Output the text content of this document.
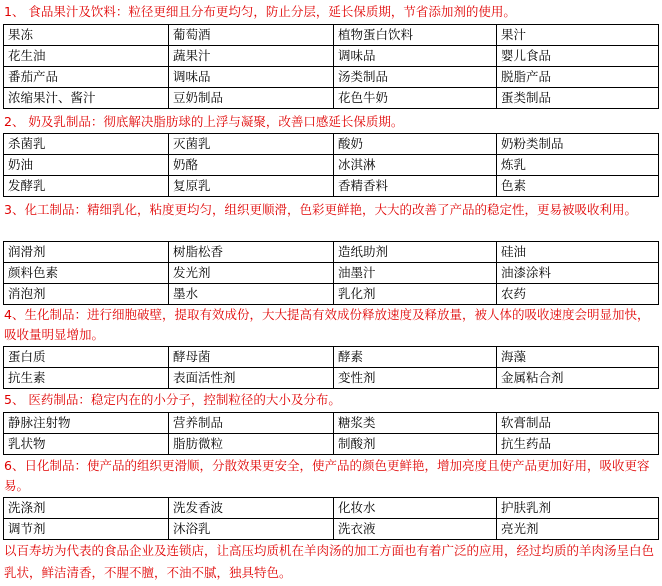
1、 食品果汁及饮料：粒径更细且分布更均匀，防止分层，延长保质期，节省添加剂的使用。
果冻	葡萄酒	植物蛋白饮料	果汁
花生油	蔬果汁	调味品	婴儿食品
番茄产品	调味品	汤类制品	脱脂产品
浓缩果汁、酱汁	豆奶制品	花色牛奶	蛋类制品
2、 奶及乳制品：彻底解决脂肪球的上浮与凝聚，改善口感延长保质期。
杀菌乳	灭菌乳	酸奶	奶粉类制品
奶油	奶酪	冰淇淋	炼乳
发酵乳	复原乳	香精香料	色素
3、化工制品：精细乳化，粘度更均匀，组织更顺滑，色彩更鲜艳，大大的改善了产品的稳定性，更易被吸收利用。
润滑剂	树脂松香	造纸助剂	硅油
颜料色素	发光剂	油墨汁	油漆涂料
消泡剂	墨水	乳化剂	农药
4、生化制品：进行细胞破壁，提取有效成份，大大提高有效成份释放速度及释放量，被人体的吸收速度会明显加快，吸收量明显增加。
蛋白质	酵母菌	酵素	海藻
抗生素	表面活性剂	变性剂	金属粘合剂
5、 医药制品：稳定内在的小分子，控制粒径的大小及分布。
静脉注射物	营养制品	糖浆类	软膏制品
乳状物	脂肪微粒	制酸剂	抗生药品
6、日化制品：使产品的组织更滑顺，分散效果更安全，使产品的颜色更鲜艳，增加亮度且使产品更加好用，吸收更容易。
洗涤剂	洗发香波	化妆水	护肤乳剂
调节剂	沐浴乳	洗衣液	亮光剂
以百寿坊为代表的食品企业及连锁店，让高压均质机在羊肉汤的加工方面也有着广泛的应用，经过均质的羊肉汤呈白色乳状，鲜洁清香，不腥不膻，不油不腻，独具特色。
